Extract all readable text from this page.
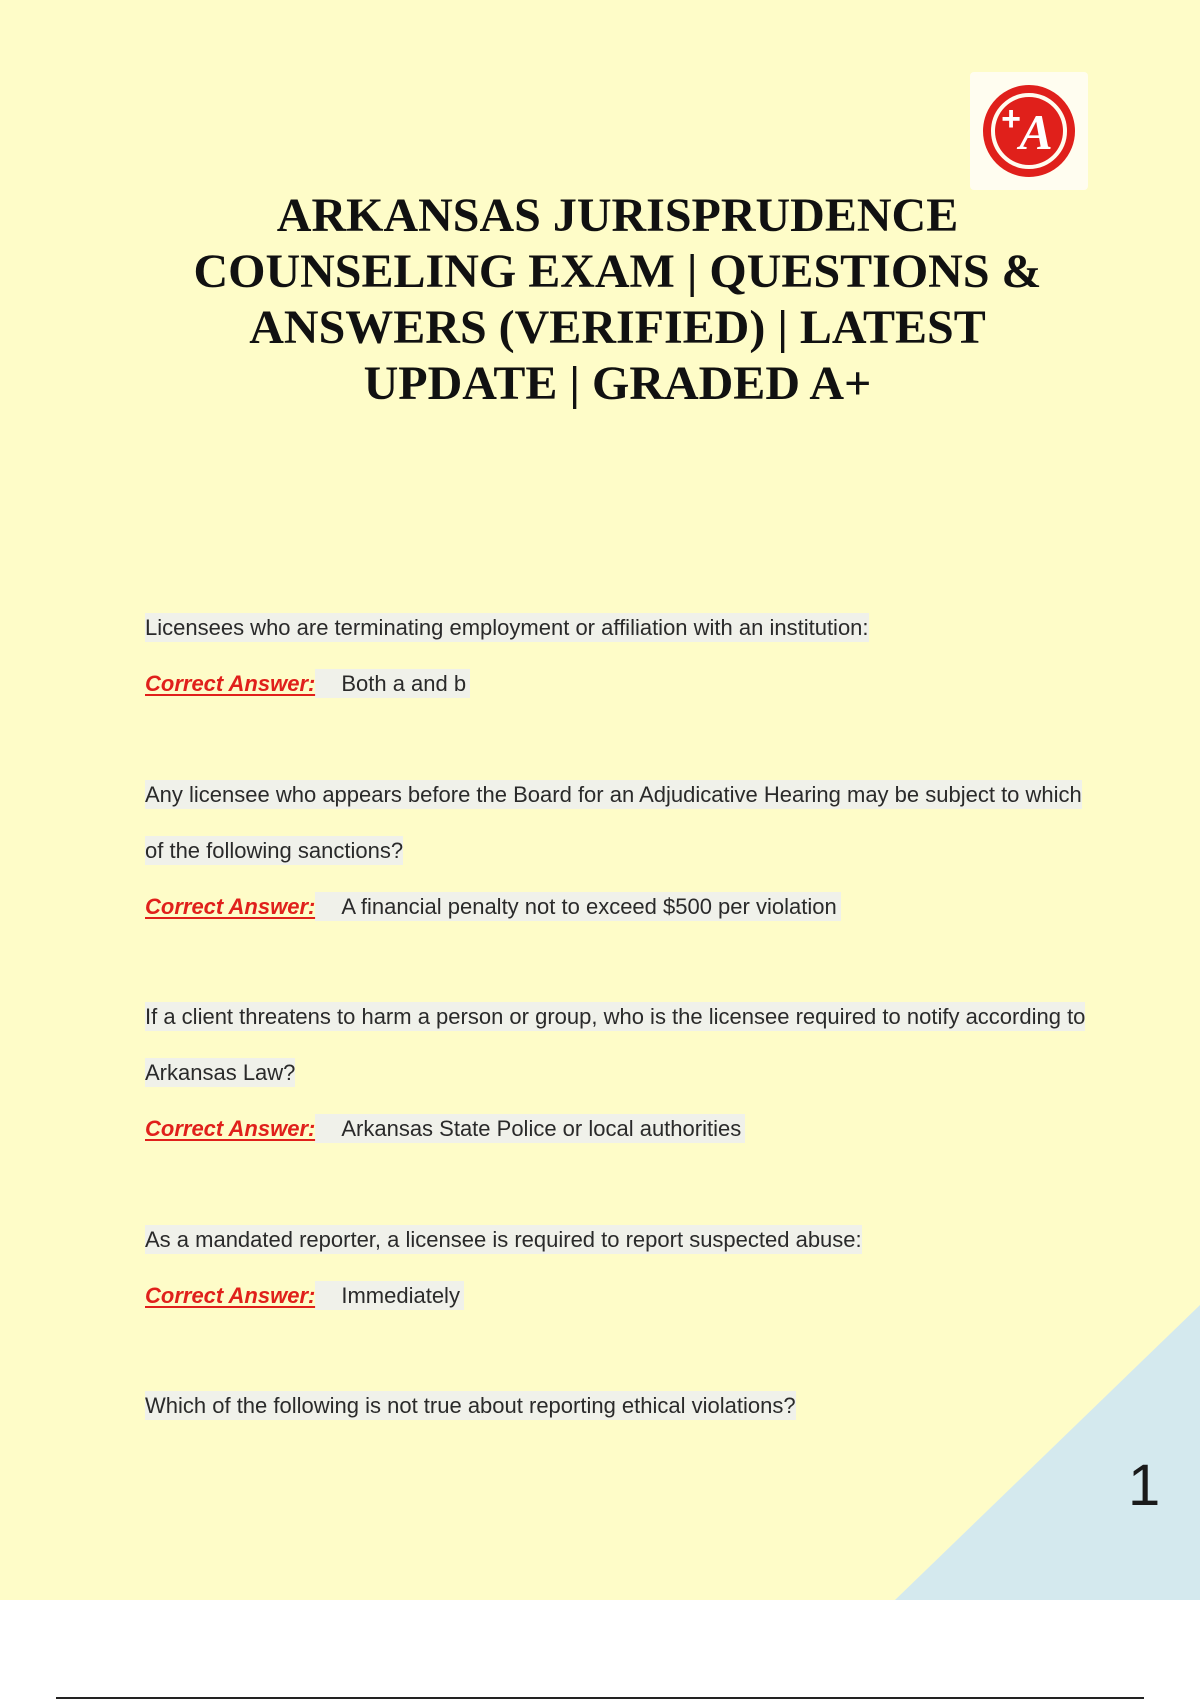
+
A
ARKANSAS JURISPRUDENCE COUNSELING EXAM | QUESTIONS & ANSWERS (VERIFIED) | LATEST UPDATE | GRADED A+

Licensees who are terminating employment or affiliation with an institution:

Correct Answer: Both a and b

Any licensee who appears before the Board for an Adjudicative Hearing may be subject to which of the following sanctions?

Correct Answer: A financial penalty not to exceed $500 per violation

If a client threatens to harm a person or group, who is the licensee required to notify according to Arkansas Law?

Correct Answer: Arkansas State Police or local authorities

As a mandated reporter, a licensee is required to report suspected abuse:

Correct Answer: Immediately

Which of the following is not true about reporting ethical violations?

1
